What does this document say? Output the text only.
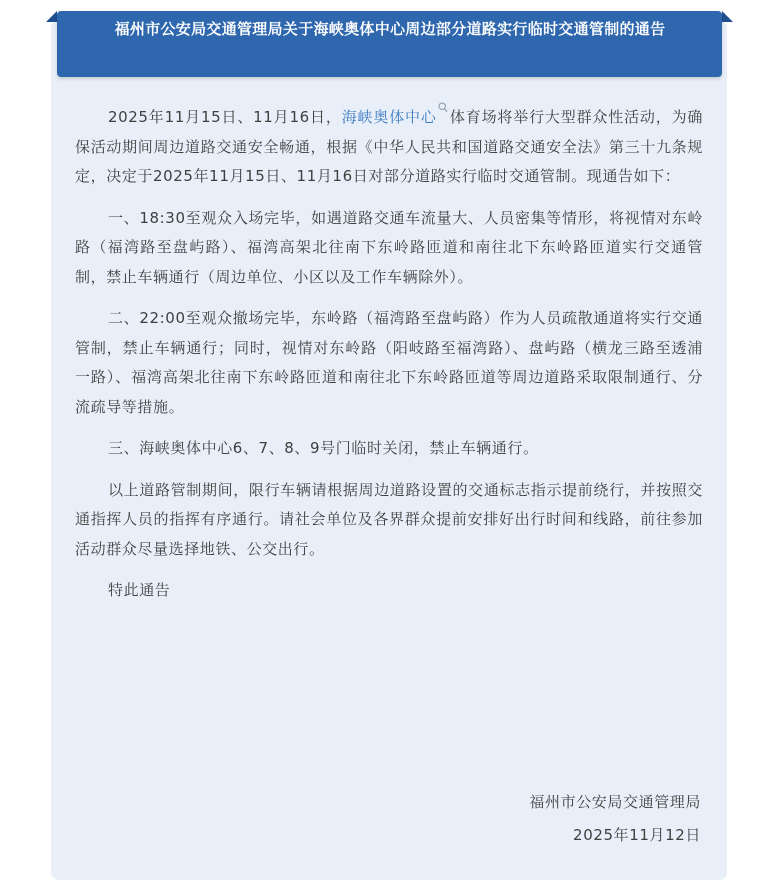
福州市公安局交通管理局关于海峡奥体中心周边部分道路实行临时交通管制的通告

2025年11月15日、11月16日，海峡奥体中心 体育场将举行大型群众性活动，为确保活动期间周边道路交通安全畅通，根据《中华人民共和国道路交通安全法》第三十九条规定，决定于2025年11月15日、11月16日对部分道路实行临时交通管制。现通告如下：

一、18:30至观众入场完毕，如遇道路交通车流量大、人员密集等情形，将视情对东岭路（福湾路至盘屿路）、福湾高架北往南下东岭路匝道和南往北下东岭路匝道实行交通管制，禁止车辆通行（周边单位、小区以及工作车辆除外）。

二、22:00至观众撤场完毕，东岭路（福湾路至盘屿路）作为人员疏散通道将实行交通管制，禁止车辆通行；同时，视情对东岭路（阳岐路至福湾路）、盘屿路（横龙三路至透浦一路）、福湾高架北往南下东岭路匝道和南往北下东岭路匝道等周边道路采取限制通行、分流疏导等措施。

三、海峡奥体中心6、7、8、9号门临时关闭，禁止车辆通行。

以上道路管制期间，限行车辆请根据周边道路设置的交通标志指示提前绕行，并按照交通指挥人员的指挥有序通行。请社会单位及各界群众提前安排好出行时间和线路，前往参加活动群众尽量选择地铁、公交出行。

特此通告

福州市公安局交通管理局
2025年11月12日
